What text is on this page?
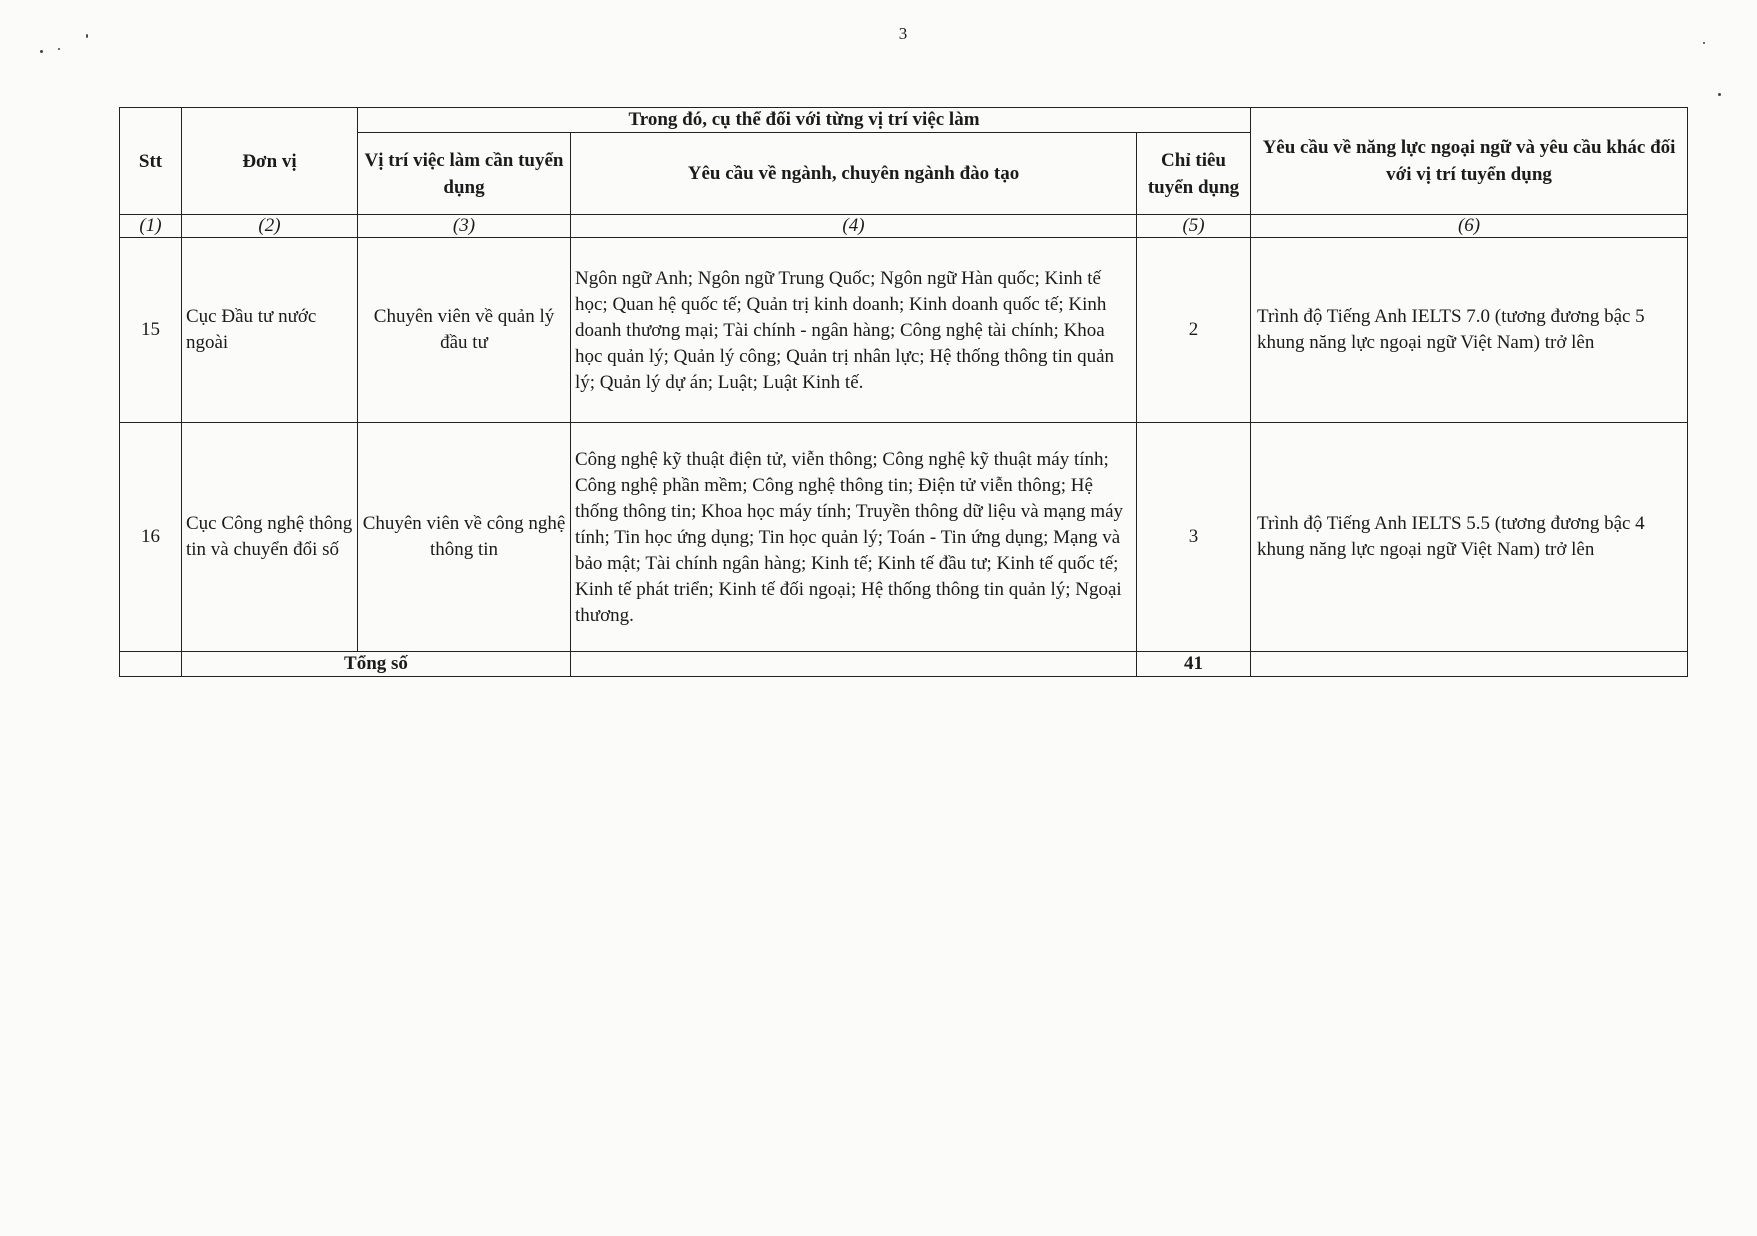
3
Stt	Đơn vị	Trong đó, cụ thể đối với từng vị trí việc làm			Yêu cầu về năng lực ngoại ngữ và yêu cầu khác đối với vị trí tuyển dụng
		Vị trí việc làm cần tuyển dụng	Yêu cầu về ngành, chuyên ngành đào tạo	Chỉ tiêu tuyển dụng	
(1)	(2)	(3)	(4)	(5)	(6)
15	Cục Đầu tư nước ngoài	Chuyên viên về quản lý đầu tư	Ngôn ngữ Anh; Ngôn ngữ Trung Quốc; Ngôn ngữ Hàn quốc; Kinh tế học; Quan hệ quốc tế; Quản trị kinh doanh; Kinh doanh quốc tế; Kinh doanh thương mại; Tài chính - ngân hàng; Công nghệ tài chính; Khoa học quản lý; Quản lý công; Quản trị nhân lực; Hệ thống thông tin quản lý; Quản lý dự án; Luật; Luật Kinh tế.	2	Trình độ Tiếng Anh IELTS 7.0 (tương đương bậc 5 khung năng lực ngoại ngữ Việt Nam) trở lên
16	Cục Công nghệ thông tin và chuyển đổi số	Chuyên viên về công nghệ thông tin	Công nghệ kỹ thuật điện tử, viễn thông; Công nghệ kỹ thuật máy tính; Công nghệ phần mềm; Công nghệ thông tin; Điện tử viễn thông; Hệ thống thông tin; Khoa học máy tính; Truyền thông dữ liệu và mạng máy tính; Tin học ứng dụng; Tin học quản lý; Toán - Tin ứng dụng; Mạng và bảo mật; Tài chính ngân hàng; Kinh tế; Kinh tế đầu tư; Kinh tế quốc tế; Kinh tế phát triển; Kinh tế đối ngoại; Hệ thống thông tin quản lý; Ngoại thương.	3	Trình độ Tiếng Anh IELTS 5.5 (tương đương bậc 4 khung năng lực ngoại ngữ Việt Nam) trở lên
	Tổng số			41	
